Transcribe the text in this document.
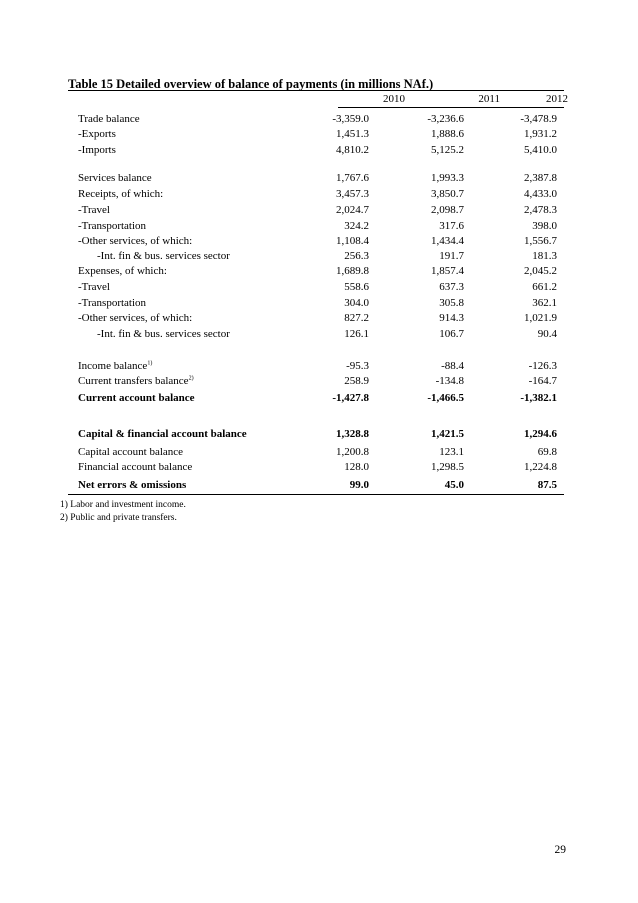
Table 15 Detailed overview of balance of payments (in millions NAf.)
2010	2011	2012
Trade balance	-3,359.0	-3,236.6	-3,478.9
-Exports	1,451.3	1,888.6	1,931.2
-Imports	4,810.2	5,125.2	5,410.0
Services balance	1,767.6	1,993.3	2,387.8
Receipts, of which:	3,457.3	3,850.7	4,433.0
-Travel	2,024.7	2,098.7	2,478.3
-Transportation	324.2	317.6	398.0
-Other services, of which:	1,108.4	1,434.4	1,556.7
-Int. fin & bus. services sector	256.3	191.7	181.3
Expenses, of which:	1,689.8	1,857.4	2,045.2
-Travel	558.6	637.3	661.2
-Transportation	304.0	305.8	362.1
-Other services, of which:	827.2	914.3	1,021.9
-Int. fin & bus. services sector	126.1	106.7	90.4
Income balance$^{1)}$	-95.3	-88.4	-126.3
Current transfers balance$^{2)}$	258.9	-134.8	-164.7
Current account balance	-1,427.8	-1,466.5	-1,382.1
Capital & financial account balance	1,328.8	1,421.5	1,294.6
Capital account balance	1,200.8	123.1	69.8
Financial account balance	128.0	1,298.5	1,224.8
Net errors & omissions	99.0	45.0	87.5
1) Labor and investment income.
2) Public and private transfers.
29
